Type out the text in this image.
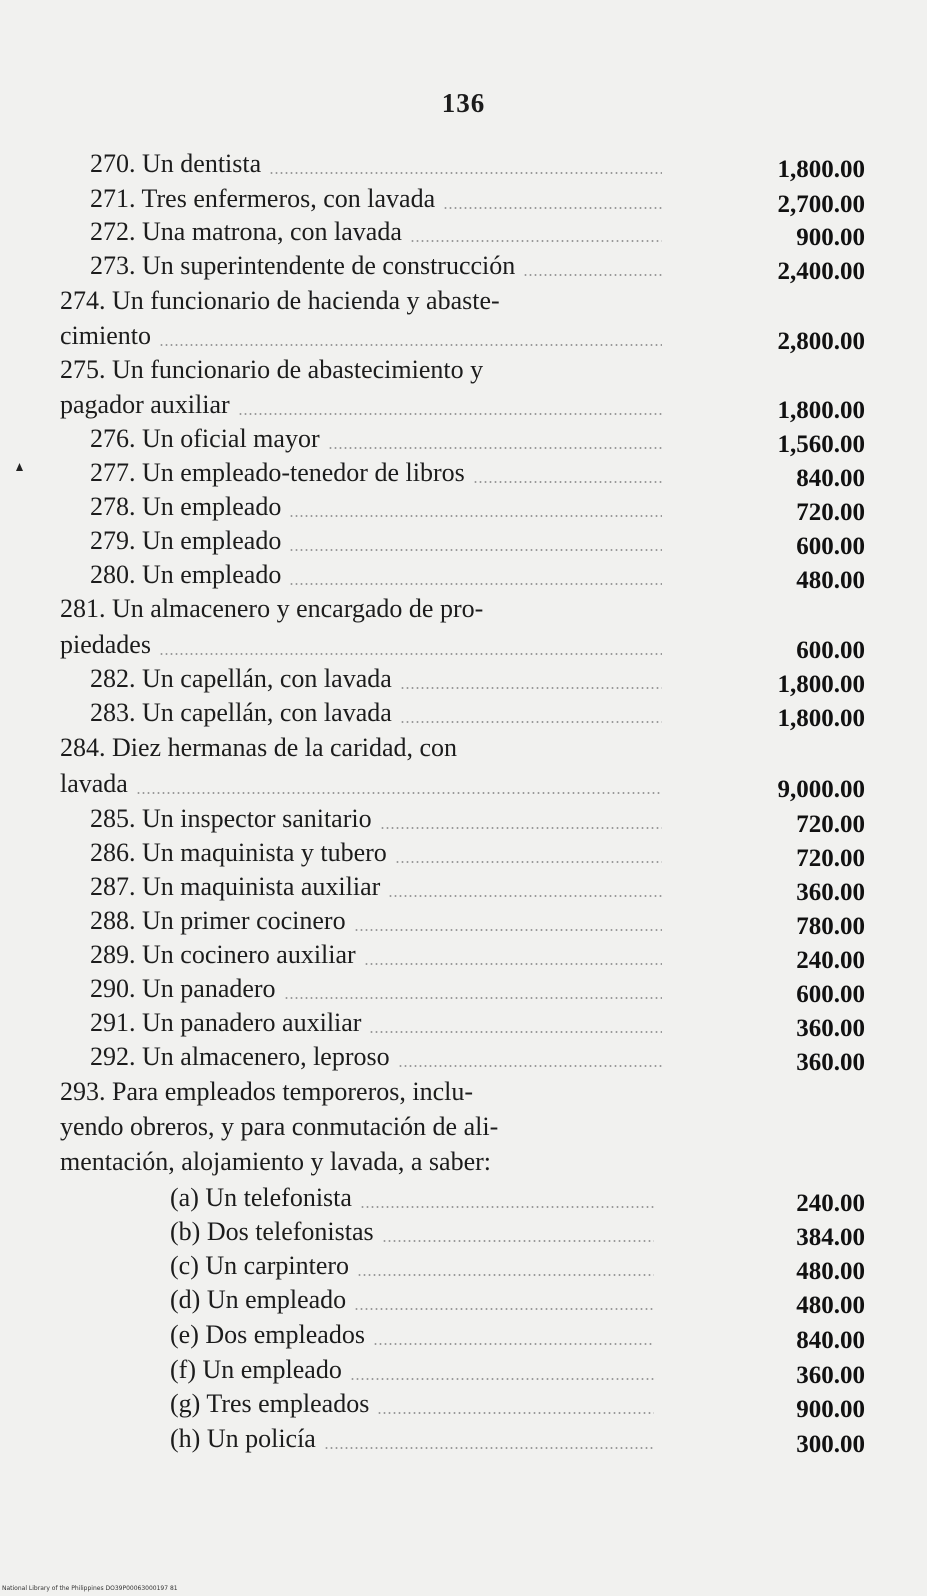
136
270. Un dentista	1,800.00
271. Tres enfermeros, con lavada	2,700.00
272. Una matrona, con lavada	900.00
273. Un superintendente de construcción	2,400.00
274. Un funcionario de hacienda y abaste-
cimiento	2,800.00
275. Un funcionario de abastecimiento y
pagador auxiliar	1,800.00
276. Un oficial mayor	1,560.00
277. Un empleado-tenedor de libros	840.00
278. Un empleado	720.00
279. Un empleado	600.00
280. Un empleado	480.00
281. Un almacenero y encargado de pro-
piedades	600.00
282. Un capellán, con lavada	1,800.00
283. Un capellán, con lavada	1,800.00
284. Diez hermanas de la caridad, con
lavada	9,000.00
285. Un inspector sanitario	720.00
286. Un maquinista y tubero	720.00
287. Un maquinista auxiliar	360.00
288. Un primer cocinero	780.00
289. Un cocinero auxiliar	240.00
290. Un panadero	600.00
291. Un panadero auxiliar	360.00
292. Un almacenero, leproso	360.00
293. Para empleados temporeros, inclu-
yendo obreros, y para conmutación de ali-
mentación, alojamiento y lavada, a saber:
(a) Un telefonista	240.00
(b) Dos telefonistas	384.00
(c) Un carpintero	480.00
(d) Un empleado	480.00
(e) Dos empleados	840.00
(f) Un empleado	360.00
(g) Tres empleados	900.00
(h) Un policía	300.00
National Library of the Philippines DO39P00063000197 81
